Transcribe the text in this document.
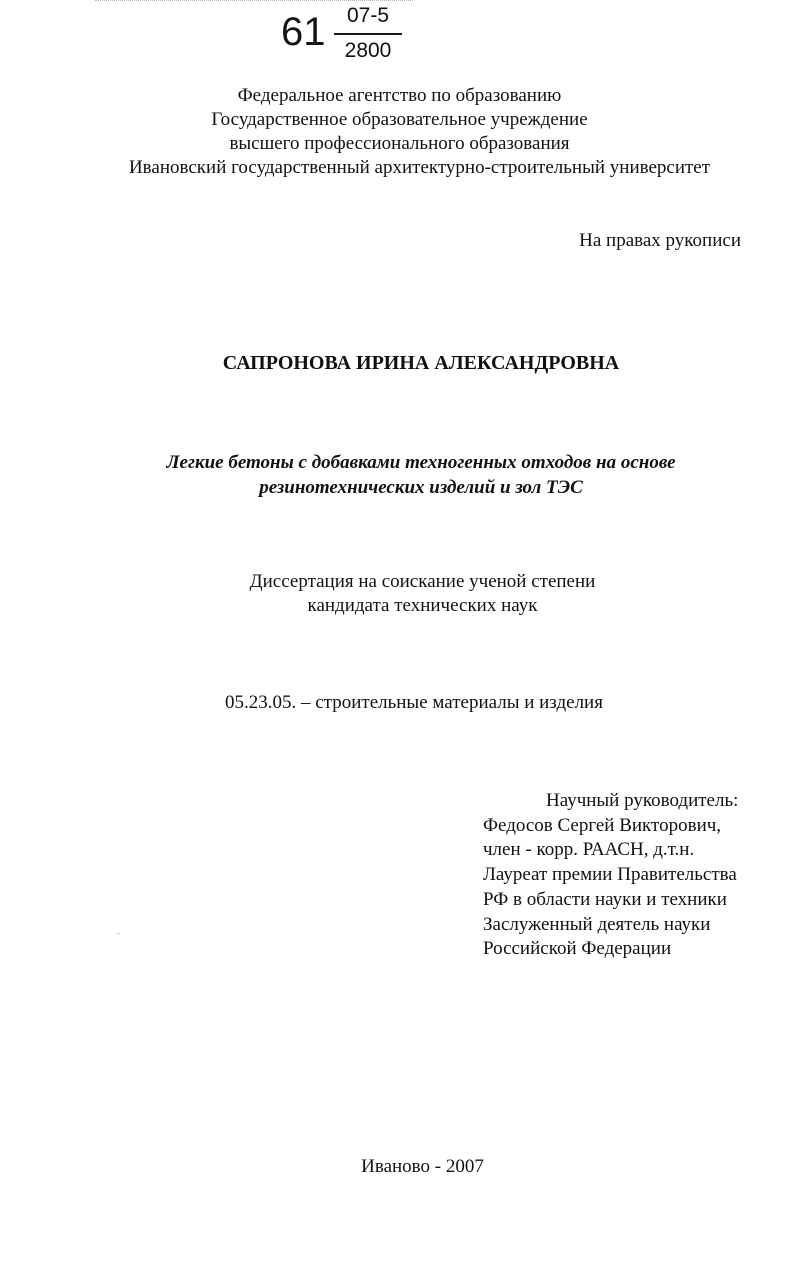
61	07-5
2800
Федеральное агентство по образованию
Государственное образовательное учреждение
высшего профессионального образования
Ивановский государственный архитектурно-строительный университет
На правах рукописи
САПРОНОВА ИРИНА АЛЕКСАНДРОВНА
Легкие бетоны с добавками техногенных отходов на основе
резинотехнических изделий и зол ТЭС
Диссертация на соискание ученой степени
кандидата технических наук
05.23.05. – строительные материалы и изделия
Научный руководитель:
Федосов Сергей Викторович,
член - корр. РААСН, д.т.н.
Лауреат премии Правительства
РФ в области науки и техники
Заслуженный деятель науки
Российской Федерации
Иваново - 2007
